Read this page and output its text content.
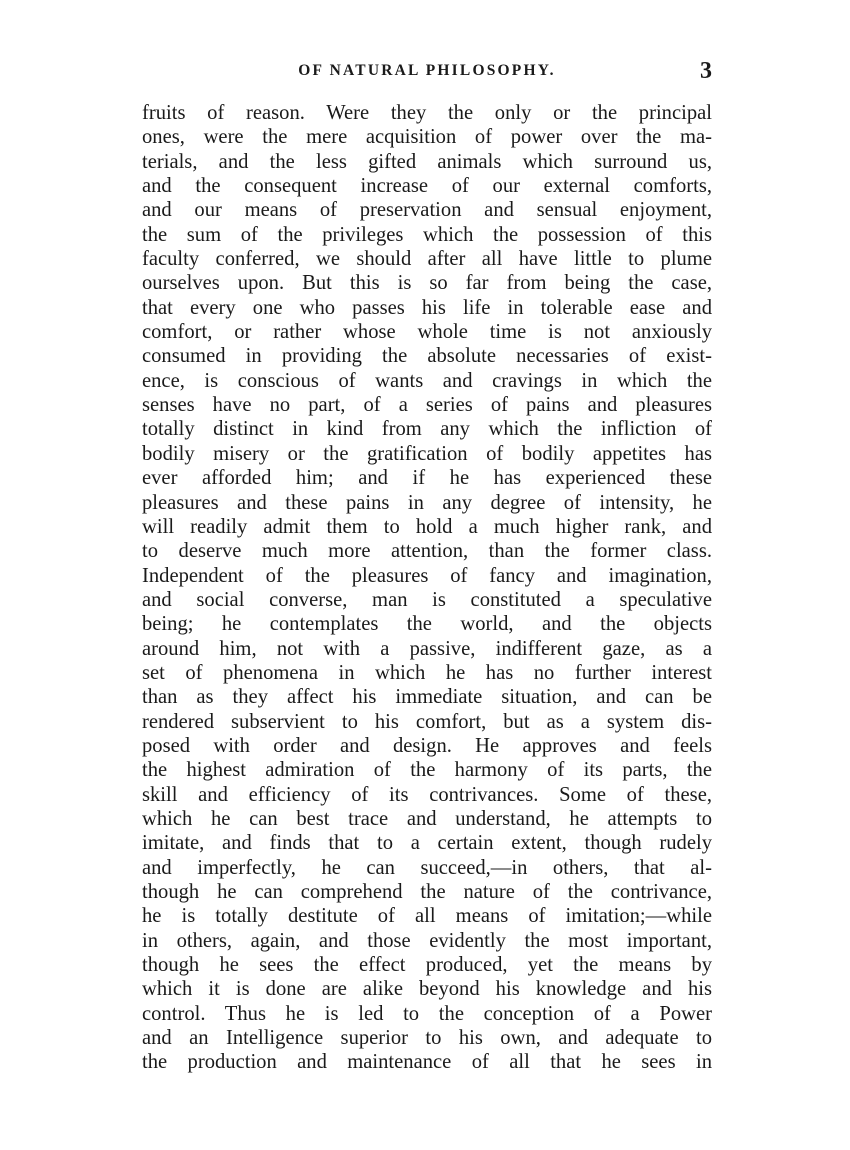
OF NATURAL PHILOSOPHY.	3
fruits of reason. Were they the only or the principal
ones, were the mere acquisition of power over the ma-
terials, and the less gifted animals which surround us,
and the consequent increase of our external comforts,
and our means of preservation and sensual enjoyment,
the sum of the privileges which the possession of this
faculty conferred, we should after all have little to plume
ourselves upon. But this is so far from being the case,
that every one who passes his life in tolerable ease and
comfort, or rather whose whole time is not anxiously
consumed in providing the absolute necessaries of exist-
ence, is conscious of wants and cravings in which the
senses have no part, of a series of pains and pleasures
totally distinct in kind from any which the infliction of
bodily misery or the gratification of bodily appetites has
ever afforded him; and if he has experienced these
pleasures and these pains in any degree of intensity, he
will readily admit them to hold a much higher rank, and
to deserve much more attention, than the former class.
Independent of the pleasures of fancy and imagination,
and social converse, man is constituted a speculative
being; he contemplates the world, and the objects
around him, not with a passive, indifferent gaze, as a
set of phenomena in which he has no further interest
than as they affect his immediate situation, and can be
rendered subservient to his comfort, but as a system dis-
posed with order and design. He approves and feels
the highest admiration of the harmony of its parts, the
skill and efficiency of its contrivances. Some of these,
which he can best trace and understand, he attempts to
imitate, and finds that to a certain extent, though rudely
and imperfectly, he can succeed,—in others, that al-
though he can comprehend the nature of the contrivance,
he is totally destitute of all means of imitation;—while
in others, again, and those evidently the most important,
though he sees the effect produced, yet the means by
which it is done are alike beyond his knowledge and his
control. Thus he is led to the conception of a Power
and an Intelligence superior to his own, and adequate to
the production and maintenance of all that he sees in
